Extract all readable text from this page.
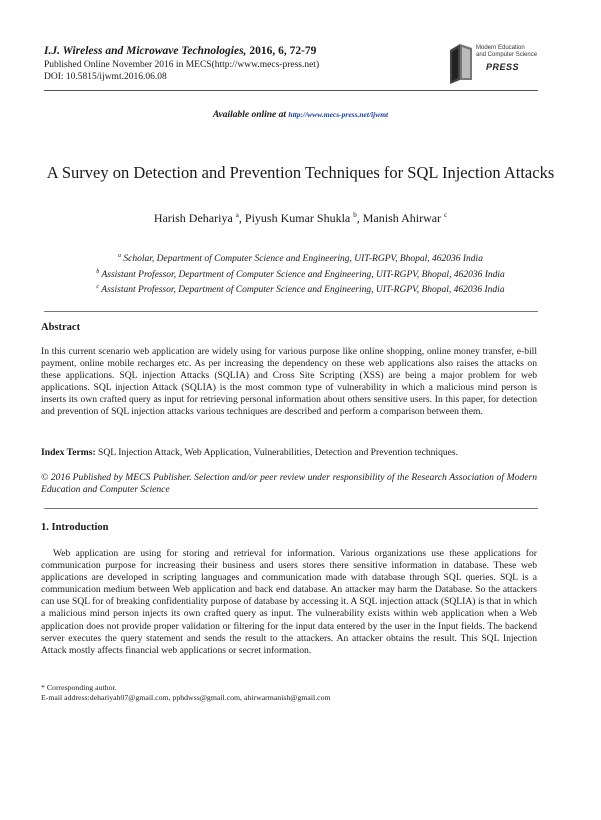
I.J. Wireless and Microwave Technologies, 2016, 6, 72-79
Published Online November 2016 in MECS(http://www.mecs-press.net)
DOI: 10.5815/ijwmt.2016.06.08
Modern Education
and Computer Science
PRESS
Available online at http://www.mecs-press.net/ijwmt
A Survey on Detection and Prevention Techniques for SQL Injection Attacks
Harish Dehariya $^a$, Piyush Kumar Shukla $^b$, Manish Ahirwar $^c$
$^a$ Scholar, Department of Computer Science and Engineering, UIT-RGPV, Bhopal, 462036 India
$^b$ Assistant Professor, Department of Computer Science and Engineering, UIT-RGPV, Bhopal, 462036 India
$^c$ Assistant Professor, Department of Computer Science and Engineering, UIT-RGPV, Bhopal, 462036 India
Abstract
In this current scenario web application are widely using for various purpose like online shopping, online money transfer, e-bill payment, online mobile recharges etc. As per increasing the dependency on these web applications also raises the attacks on these applications. SQL injection Attacks (SQLIA) and Cross Site Scripting (XSS) are being a major problem for web applications. SQL injection Attack (SQLIA) is the most common type of vulnerability in which a malicious mind person is inserts its own crafted query as input for retrieving personal information about others sensitive users. In this paper, for detection and prevention of SQL injection attacks various techniques are described and perform a comparison between them.
Index Terms: SQL Injection Attack, Web Application, Vulnerabilities, Detection and Prevention techniques.
© 2016 Published by MECS Publisher. Selection and/or peer review under responsibility of the Research Association of Modern Education and Computer Science
1. Introduction
Web application are using for storing and retrieval for information. Various organizations use these applications for communication purpose for increasing their business and users stores there sensitive information in database. These web applications are developed in scripting languages and communication made with database through SQL queries. SQL is a communication medium between Web application and back end database. An attacker may harm the Database. So the attackers can use SQL for of breaking confidentiality purpose of database by accessing it. A SQL injection attack (SQLIA) is that in which a malicious mind person injects its own crafted query as input. The vulnerability exists within web application when a Web application does not provide proper validation or filtering for the input data entered by the user in the Input fields. The backend server executes the query statement and sends the result to the attackers. An attacker obtains the result. This SQL Injection Attack mostly affects financial web applications or secret information.
* Corresponding author.
E-mail address:dehariyah07@gmail.com, pphdwss@gmail.com, ahirwarmanish@gmail.com
